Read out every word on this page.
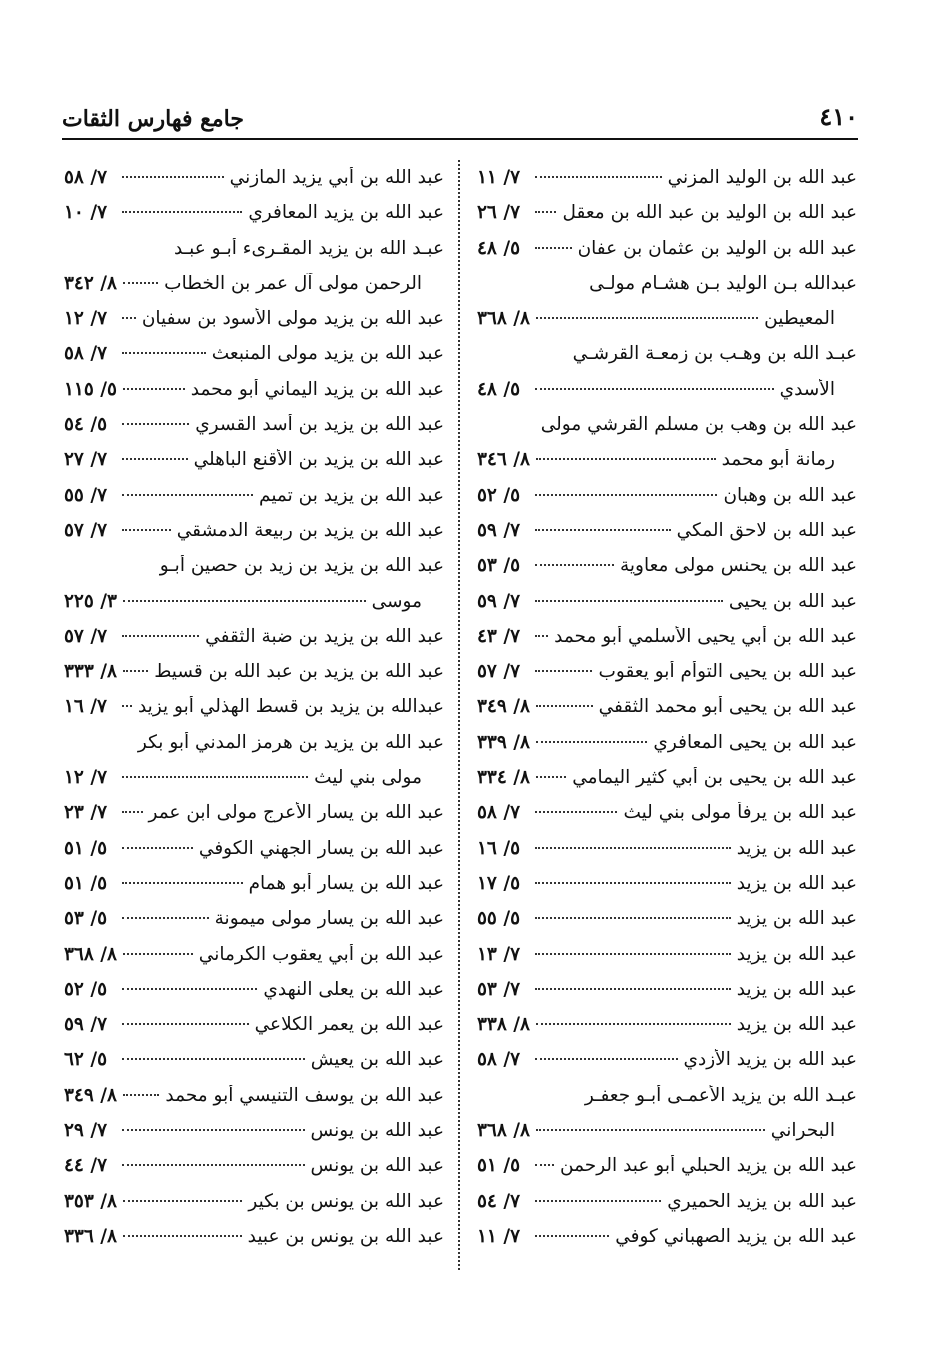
٤١٠
جامع فهارس الثقات
عبد الله بن الوليد المزني
٧/ ١١
عبد الله بن الوليد بن عبد الله بن معقل
٧/ ٢٦
عبد الله بن الوليد بن عثمان بن عفان
٥/ ٤٨
عبدالله بـن الوليد بـن هشـام مولـى
المعيطين
٨/ ٣٦٨
عبـد الله بن وهـب بن زمعـة القرشـي
الأسدي
٥/ ٤٨
عبد الله بن وهب بن مسلم القرشي مولى
رمانة أبو محمد
٨/ ٣٤٦
عبد الله بن وهبان
٥/ ٥٢
عبد الله بن لاحق المكي
٧/ ٥٩
عبد الله بن يحنس مولى معاوية
٥/ ٥٣
عبد الله بن يحيى
٧/ ٥٩
عبد الله بن أبي يحيى الأسلمي أبو محمد
٧/ ٤٣
عبد الله بن يحيى التوأم أبو يعقوب
٧/ ٥٧
عبد الله بن يحيى أبو محمد الثقفي
٨/ ٣٤٩
عبد الله بن يحيى المعافري
٨/ ٣٣٩
عبد الله بن يحيى بن أبي كثير اليمامي
٨/ ٣٣٤
عبد الله بن يرفأ مولى بني ليث
٧/ ٥٨
عبد الله بن يزيد
٥/ ١٦
عبد الله بن يزيد
٥/ ١٧
عبد الله بن يزيد
٥/ ٥٥
عبد الله بن يزيد
٧/ ١٣
عبد الله بن يزيد
٧/ ٥٣
عبد الله بن يزيد
٨/ ٣٣٨
عبد الله بن يزيد الأزدي
٧/ ٥٨
عبـد الله بن يزيد الأعمـى أبـو جعفـر
البحراني
٨/ ٣٦٨
عبد الله بن يزيد الحبلي أبو عبد الرحمن
٥/ ٥١
عبد الله بن يزيد الحميري
٧/ ٥٤
عبد الله بن يزيد الصهباني كوفي
٧/ ١١
عبد الله بن أبي يزيد المازني
٧/ ٥٨
عبد الله بن يزيد المعافري
٧/ ١٠
عبـد الله بن يزيد المقـرىء أبـو عبـد
الرحمن مولى آل عمر بن الخطاب
٨/ ٣٤٢
عبد الله بن يزيد مولى الأسود بن سفيان
٧/ ١٢
عبد الله بن يزيد مولى المنبعث
٧/ ٥٨
عبد الله بن يزيد اليماني أبو محمد
٥/ ١١٥
عبد الله بن يزيد بن أسد القسري
٥/ ٥٤
عبد الله بن يزيد بن الأقنع الباهلي
٧/ ٢٧
عبد الله بن يزيد بن تميم
٧/ ٥٥
عبد الله بن يزيد بن ربيعة الدمشقي
٧/ ٥٧
عبد الله بن يزيد بن زيد بن حصين أبـو
موسى
٣/ ٢٢٥
عبد الله بن يزيد بن ضبة الثقفي
٧/ ٥٧
عبد الله بن يزيد بن عبد الله بن قسيط
٨/ ٣٣٣
عبدالله بن يزيد بن قسط الهذلي أبو يزيد
٧/ ١٦
عبد الله بن يزيد بن هرمز المدني أبو بكر
مولى بني ليث
٧/ ١٢
عبد الله بن يسار الأعرج مولى ابن عمر
٧/ ٢٣
عبد الله بن يسار الجهني الكوفي
٥/ ٥١
عبد الله بن يسار أبو همام
٥/ ٥١
عبد الله بن يسار مولى ميمونة
٥/ ٥٣
عبد الله بن أبي يعقوب الكرماني
٨/ ٣٦٨
عبد الله بن يعلى النهدي
٥/ ٥٢
عبد الله بن يعمر الكلاعي
٧/ ٥٩
عبد الله بن يعيش
٥/ ٦٢
عبد الله بن يوسف التنيسي أبو محمد
٨/ ٣٤٩
عبد الله بن يونس
٧/ ٢٩
عبد الله بن يونس
٧/ ٤٤
عبد الله بن يونس بن بكير
٨/ ٣٥٣
عبد الله بن يونس بن عبيد
٨/ ٣٣٦
